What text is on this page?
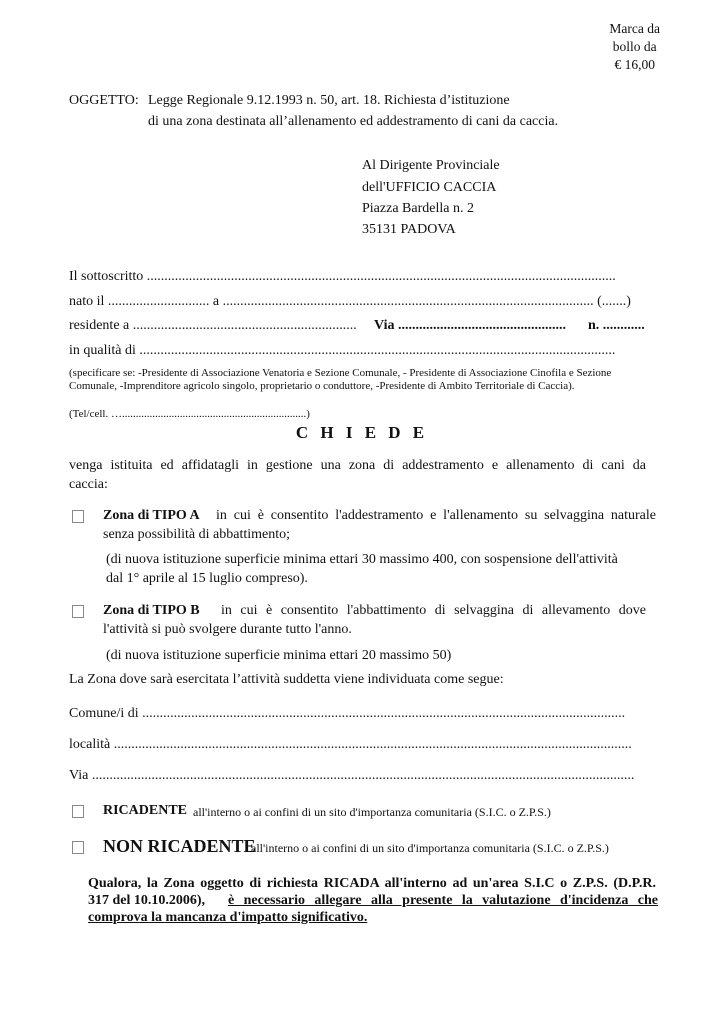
Marca da
bollo da
€ 16,00
OGGETTO: Legge Regionale 9.12.1993 n. 50, art. 18. Richiesta d’istituzione
di una zona destinata all’allenamento ed addestramento di cani da caccia.
Al Dirigente Provinciale
dell'UFFICIO CACCIA
Piazza Bardella n. 2
35131 PADOVA
Il sottoscritto ......................................................................................................................................
nato il ............................. a .......................................................................................................... (.......)
residente a ................................................................	Via ................................................	n. ............
in qualità di ........................................................................................................................................
(specificare se: -Presidente di Associazione Venatoria e Sezione Comunale, - Presidente di Associazione Cinofila e Sezione
Comunale, -Imprenditore agricolo singolo, proprietario o conduttore, -Presidente di Ambito Territoriale di Caccia).
(Tel/cell. …...................................................................)
C H I E D E
venga istituita ed affidatagli in gestione una zona di addestramento e allenamento di cani da
caccia:
Zona di TIPO A in cui è consentito l'addestramento e l'allenamento su selvaggina naturale
senza possibilità di abbattimento;
(di nuova istituzione superficie minima ettari 30 massimo 400, con sospensione dell'attività
dal 1° aprile al 15 luglio compreso).
Zona di TIPO B in cui è consentito l'abbattimento di selvaggina di allevamento dove
l'attività si può svolgere durante tutto l'anno.
(di nuova istituzione superficie minima ettari 20 massimo 50)
La Zona dove sarà esercitata l’attività suddetta viene individuata come segue:
Comune/i di ..........................................................................................................................................
località ....................................................................................................................................................
Via ...........................................................................................................................................................
RICADENTE all'interno o ai confini di un sito d'importanza comunitaria (S.I.C. o Z.P.S.)
NON RICADENTE
all'interno o ai confini di un sito d'importanza comunitaria (S.I.C. o Z.P.S.)
Qualora, la Zona oggetto di richiesta RICADA all'interno ad un'area S.I.C o Z.P.S. (D.P.R.
317 del 10.10.2006), è necessario allegare alla presente la valutazione d'incidenza che
comprova la mancanza d'impatto significativo.
